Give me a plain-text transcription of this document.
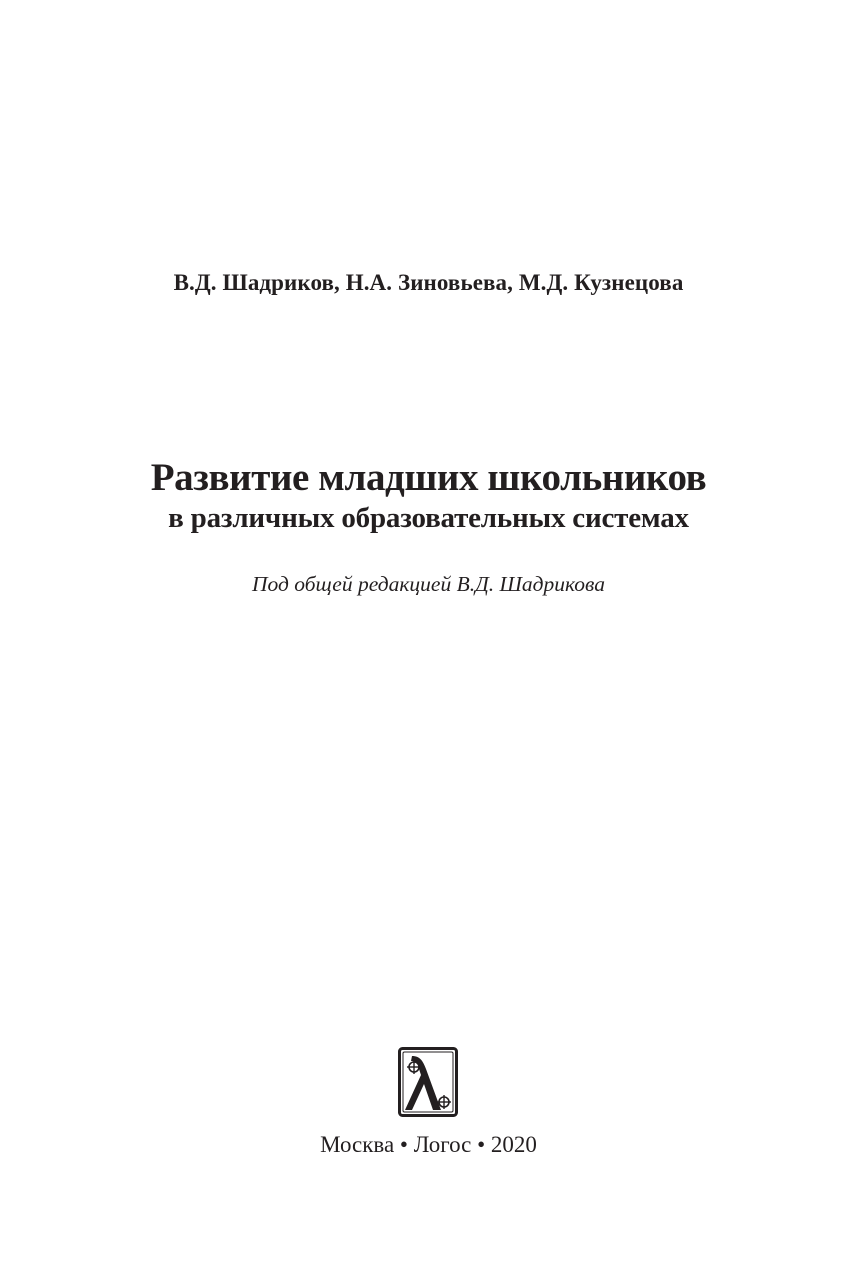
В.Д. Шадриков, Н.А. Зиновьева, М.Д. Кузнецова
Развитие младших школьников
в различных образовательных системах
Под общей редакцией В.Д. Шадрикова
Москва • Логос • 2020
